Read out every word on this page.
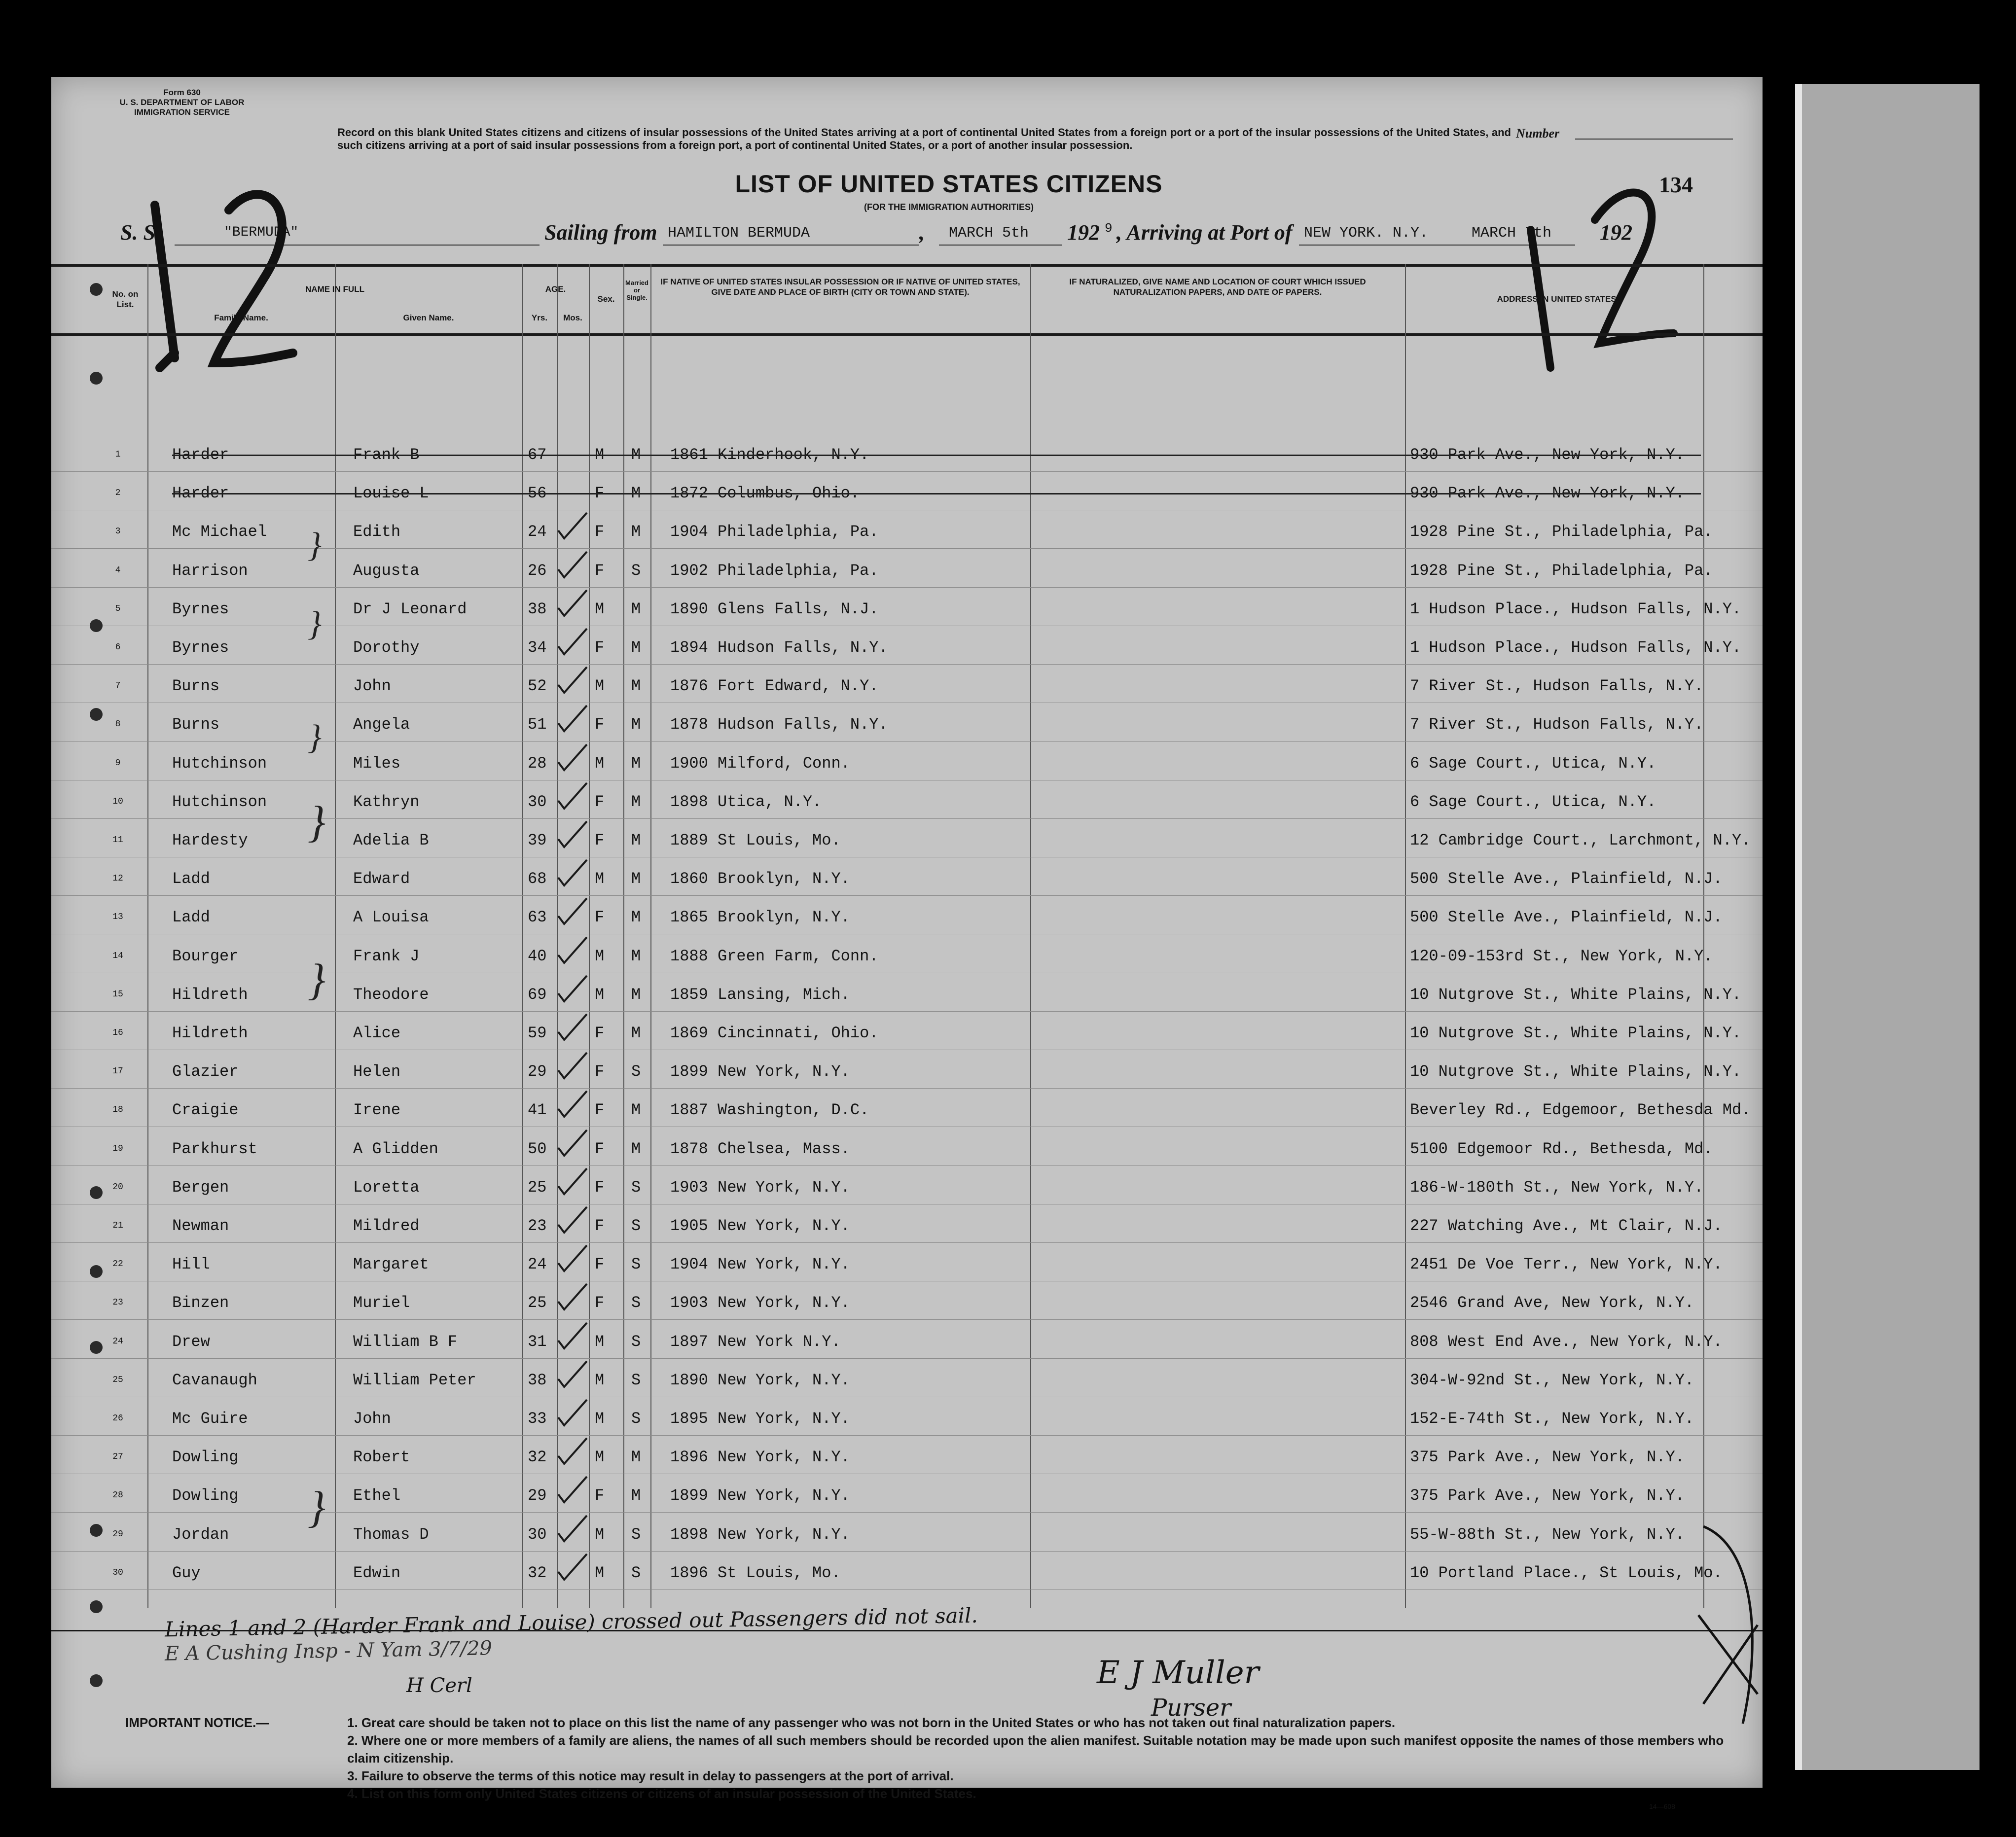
Form 630
U. S. DEPARTMENT OF LABOR
IMMIGRATION SERVICE
Record on this blank United States citizens and citizens of insular possessions of the United States arriving at a port of continental United States from a foreign port or a port of the insular possessions of the United States, and such citizens arriving at a port of said insular possessions from a foreign port, a port of continental United States, or a port of another insular possession.
Number
134
LIST OF UNITED STATES CITIZENS
(FOR THE IMMIGRATION AUTHORITIES)
S. S.	"BERMUDA"	Sailing from HAMILTON BERMUDA	, MARCH 5th 192 9 , Arriving at Port of NEW YORK. N.Y.	MARCH 7th 192
No. on List.
NAME IN FULL
Family Name.	Given Name.
AGE.
Yrs.	Mos.
Sex.
Married or Single.
IF NATIVE OF UNITED STATES INSULAR POSSESSION OR IF NATIVE OF UNITED STATES, GIVE DATE AND PLACE OF BIRTH (CITY OR TOWN AND STATE).
IF NATURALIZED, GIVE NAME AND LOCATION OF COURT WHICH ISSUED NATURALIZATION PAPERS, AND DATE OF PAPERS.
ADDRESS IN UNITED STATES.
1	Harder	Frank B	67	M M 1861 Kinderhook, N.Y.	930 Park Ave., New York, N.Y.
2	Harder	Louise L	56	F M 1872 Columbus, Ohio.	930 Park Ave., New York, N.Y.
3	Mc Michael	Edith	24	F M 1904 Philadelphia, Pa.	1928 Pine St., Philadelphia, Pa.
4	Harrison	Augusta	26	F S 1902 Philadelphia, Pa.	1928 Pine St., Philadelphia, Pa.
5	Byrnes	Dr J Leonard	38	M M 1890 Glens Falls, N.J.	1 Hudson Place., Hudson Falls, N.Y.
6	Byrnes	Dorothy	34	F M 1894 Hudson Falls, N.Y.	1 Hudson Place., Hudson Falls, N.Y.
7	Burns	John	52	M M 1876 Fort Edward, N.Y.	7 River St., Hudson Falls, N.Y.
8	Burns	Angela	51	F M 1878 Hudson Falls, N.Y.	7 River St., Hudson Falls, N.Y.
9	Hutchinson	Miles	28	M M 1900 Milford, Conn.	6 Sage Court., Utica, N.Y.
10	Hutchinson	Kathryn	30	F M 1898 Utica, N.Y.	6 Sage Court., Utica, N.Y.
11	Hardesty	Adelia B	39	F M 1889 St Louis, Mo.	12 Cambridge Court., Larchmont, N.Y.
12	Ladd	Edward	68	M M 1860 Brooklyn, N.Y.	500 Stelle Ave., Plainfield, N.J.
13	Ladd	A Louisa	63	F M 1865 Brooklyn, N.Y.	500 Stelle Ave., Plainfield, N.J.
14	Bourger	Frank J	40	M M 1888 Green Farm, Conn.	120-09-153rd St., New York, N.Y.
15	Hildreth	Theodore	69	M M 1859 Lansing, Mich.	10 Nutgrove St., White Plains, N.Y.
16	Hildreth	Alice	59	F M 1869 Cincinnati, Ohio.	10 Nutgrove St., White Plains, N.Y.
17	Glazier	Helen	29	F S 1899 New York, N.Y.	10 Nutgrove St., White Plains, N.Y.
18	Craigie	Irene	41	F M 1887 Washington, D.C.	Beverley Rd., Edgemoor, Bethesda Md.
19	Parkhurst	A Glidden	50	F M 1878 Chelsea, Mass.	5100 Edgemoor Rd., Bethesda, Md.
20	Bergen	Loretta	25	F S 1903 New York, N.Y.	186-W-180th St., New York, N.Y.
21	Newman	Mildred	23	F S 1905 New York, N.Y.	227 Watching Ave., Mt Clair, N.J.
22	Hill	Margaret	24	F S 1904 New York, N.Y.	2451 De Voe Terr., New York, N.Y.
23	Binzen	Muriel	25	F S 1903 New York, N.Y.	2546 Grand Ave, New York, N.Y.
24	Drew	William B F	31	M S 1897 New York N.Y.	808 West End Ave., New York, N.Y.
25	Cavanaugh	William Peter	38	M S 1890 New York, N.Y.	304-W-92nd St., New York, N.Y.
26	Mc Guire	John	33	M S 1895 New York, N.Y.	152-E-74th St., New York, N.Y.
27	Dowling	Robert	32	M M 1896 New York, N.Y.	375 Park Ave., New York, N.Y.
28	Dowling	Ethel	29	F M 1899 New York, N.Y.	375 Park Ave., New York, N.Y.
29	Jordan	Thomas D	30	M S 1898 New York, N.Y.	55-W-88th St., New York, N.Y.
30	Guy	Edwin	32	M S 1896 St Louis, Mo.	10 Portland Place., St Louis, Mo.
}
}
}
}
}
}
Lines 1 and 2 (Harder Frank and Louise) crossed out Passengers did not sail.
E A Cushing Insp - N Yam 3/7/29
H Cerl	E J Muller
Purser
IMPORTANT NOTICE.—	1. Great care should be taken not to place on this list the name of any passenger who was not born in the United States or who has not taken out final naturalization papers.
2. Where one or more members of a family are aliens, the names of all such members should be recorded upon the alien manifest. Suitable notation may be made upon such manifest opposite the names of those members who claim citizenship.
3. Failure to observe the terms of this notice may result in delay to passengers at the port of arrival.
4. List on this form only United States citizens or citizens of an insular possession of the United States.
14—608
